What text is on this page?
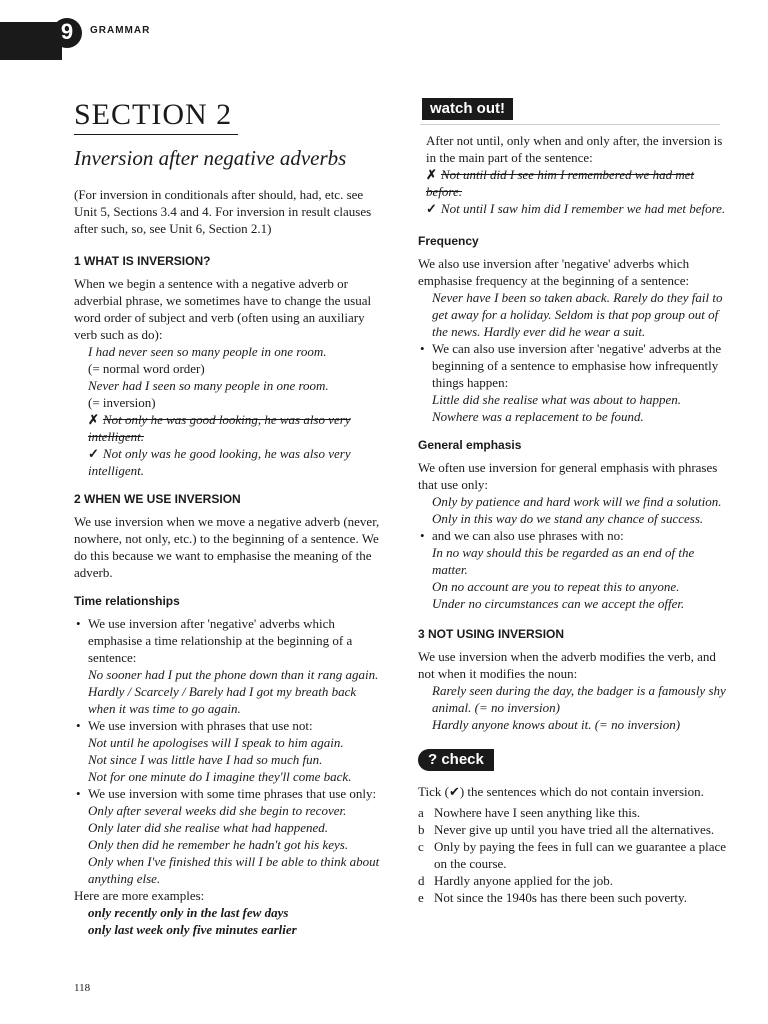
9	GRAMMAR
SECTION 2
Inversion after negative adverbs

(For inversion in conditionals after should, had, etc. see Unit 5, Sections 3.4 and 4. For inversion in result clauses after such, so, see Unit 6, Section 2.1)

1 WHAT IS INVERSION?

When we begin a sentence with a negative adverb or adverbial phrase, we sometimes have to change the usual word order of subject and verb (often using an auxiliary verb such as do):

I had never seen so many people in one room.

(= normal word order)

Never had I seen so many people in one room.

(= inversion)

✗ Not only he was good looking, he was also very intelligent.

✓ Not only was he good looking, he was also very intelligent.

2 WHEN WE USE INVERSION

We use inversion when we move a negative adverb (never, nowhere, not only, etc.) to the beginning of a sentence. We do this because we want to emphasise the meaning of the adverb.

Time relationships

• We use inversion after 'negative' adverbs which emphasise a time relationship at the beginning of a sentence:

No sooner had I put the phone down than it rang again.

Hardly / Scarcely / Barely had I got my breath back when it was time to go again.

• We use inversion with phrases that use not:

Not until he apologises will I speak to him again.

Not since I was little have I had so much fun.

Not for one minute do I imagine they'll come back.

• We use inversion with some time phrases that use only:

Only after several weeks did she begin to recover.

Only later did she realise what had happened.

Only then did he remember he hadn't got his keys.

Only when I've finished this will I be able to think about anything else.

Here are more examples:

only recently only in the last few days

only last week only five minutes earlier

watch out!

After not until, only when and only after, the inversion is in the main part of the sentence:

✗ Not until did I see him I remembered we had met before.

✓ Not until I saw him did I remember we had met before.

Frequency

We also use inversion after 'negative' adverbs which emphasise frequency at the beginning of a sentence:

Never have I been so taken aback. Rarely do they fail to get away for a holiday. Seldom is that pop group out of the news. Hardly ever did he wear a suit.

• We can also use inversion after 'negative' adverbs at the beginning of a sentence to emphasise how infrequently things happen:

Little did she realise what was about to happen.

Nowhere was a replacement to be found.

General emphasis

We often use inversion for general emphasis with phrases that use only:

Only by patience and hard work will we find a solution.

Only in this way do we stand any chance of success.

• and we can also use phrases with no:

In no way should this be regarded as an end of the matter.

On no account are you to repeat this to anyone.

Under no circumstances can we accept the offer.

3 NOT USING INVERSION

We use inversion when the adverb modifies the verb, and not when it modifies the noun:

Rarely seen during the day, the badger is a famously shy animal. (= no inversion)

Hardly anyone knows about it. (= no inversion)

? check

Tick (✔) the sentences which do not contain inversion.

a Nowhere have I seen anything like this.

b Never give up until you have tried all the alternatives.

c Only by paying the fees in full can we guarantee a place on the course.

d Hardly anyone applied for the job.

e Not since the 1940s has there been such poverty.

118
